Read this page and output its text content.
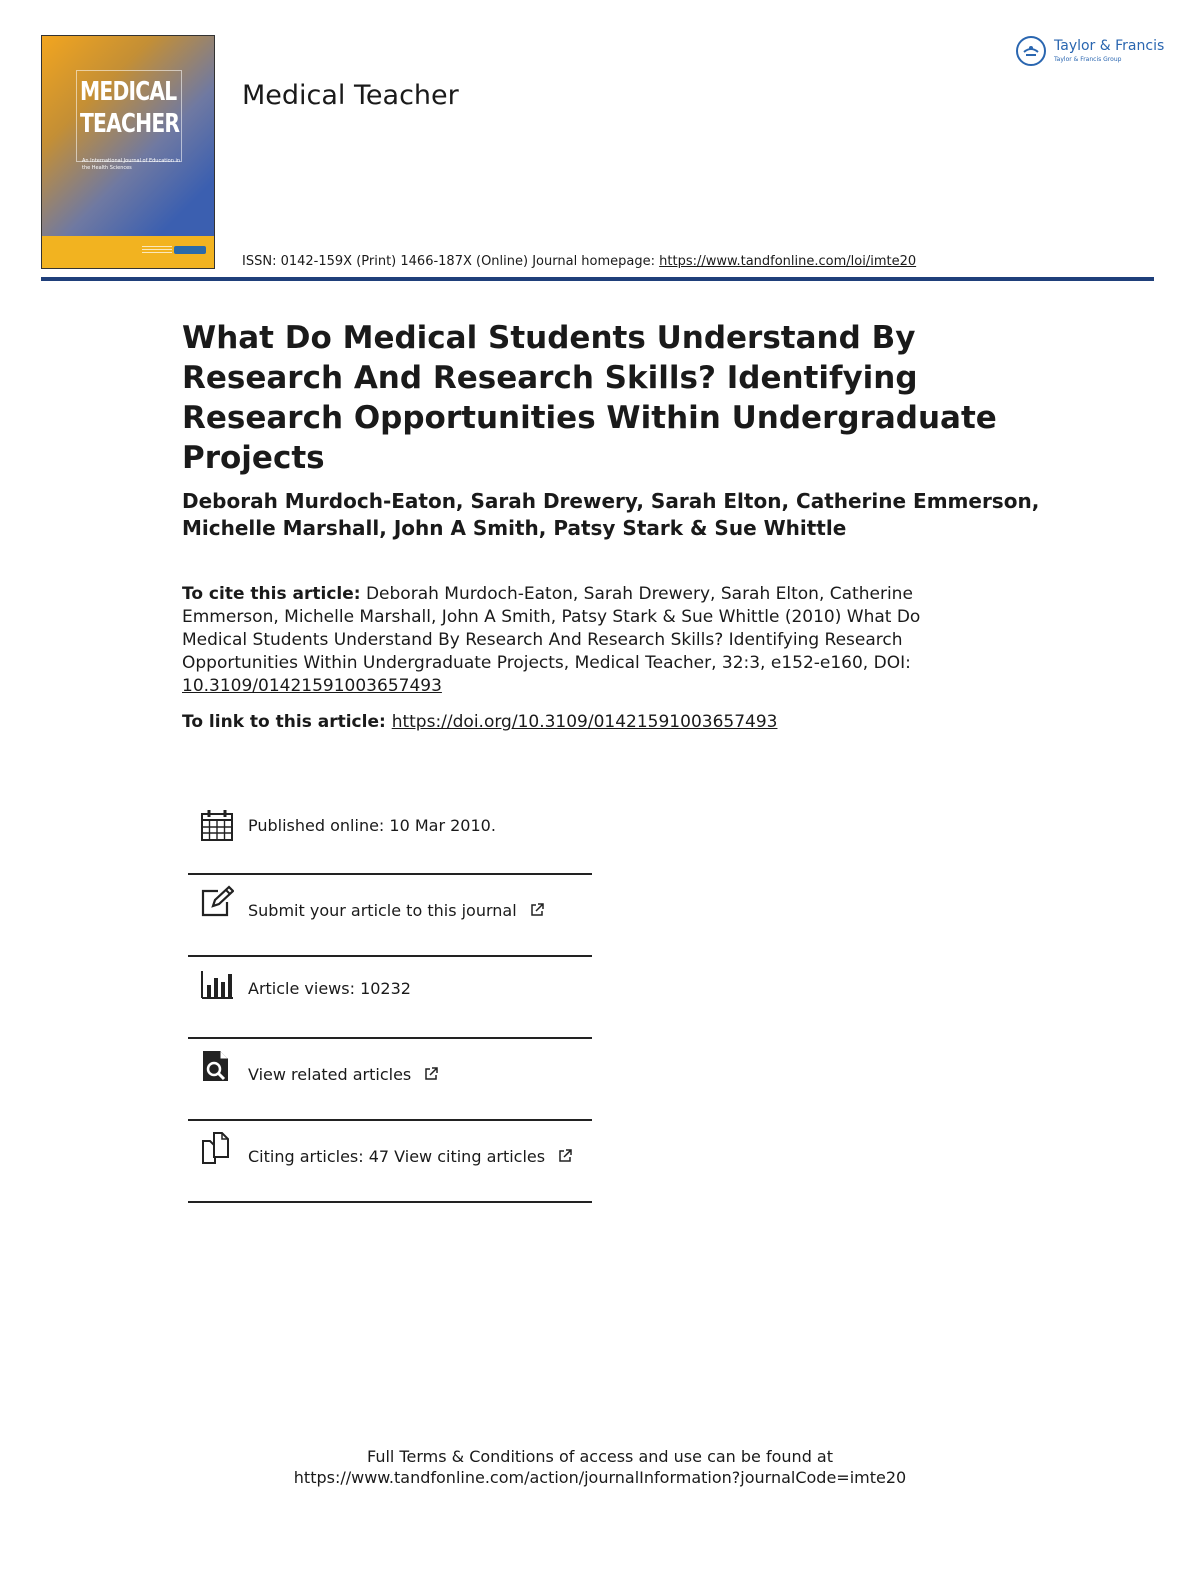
MEDICAL
TEACHER
An International Journal of Education in the Health Sciences
Medical Teacher
Taylor & Francis
Taylor & Francis Group
ISSN: 0142-159X (Print) 1466-187X (Online) Journal homepage: https://www.tandfonline.com/loi/imte20
What Do Medical Students Understand By Research And Research Skills? Identifying Research Opportunities Within Undergraduate Projects
Deborah Murdoch-Eaton, Sarah Drewery, Sarah Elton, Catherine Emmerson, Michelle Marshall, John A Smith, Patsy Stark & Sue Whittle
To cite this article: Deborah Murdoch-Eaton, Sarah Drewery, Sarah Elton, Catherine Emmerson, Michelle Marshall, John A Smith, Patsy Stark & Sue Whittle (2010) What Do Medical Students Understand By Research And Research Skills? Identifying Research Opportunities Within Undergraduate Projects, Medical Teacher, 32:3, e152-e160, DOI: 10.3109/01421591003657493
To link to this article: https://doi.org/10.3109/01421591003657493
Published online: 10 Mar 2010.
Submit your article to this journal
Article views: 10232
View related articles
Citing articles: 47 View citing articles
Full Terms & Conditions of access and use can be found at
https://www.tandfonline.com/action/journalInformation?journalCode=imte20
